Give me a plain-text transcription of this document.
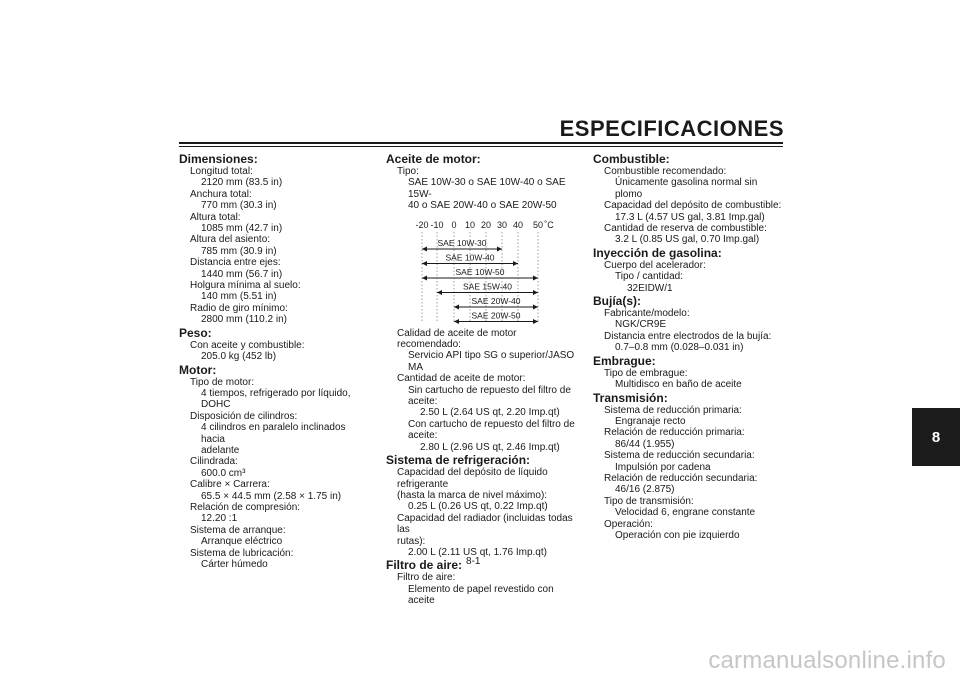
ESPECIFICACIONES
8
Dimensiones:
Longitud total:
2120 mm (83.5 in)
Anchura total:
770 mm (30.3 in)
Altura total:
1085 mm (42.7 in)
Altura del asiento:
785 mm (30.9 in)
Distancia entre ejes:
1440 mm (56.7 in)
Holgura mínima al suelo:
140 mm (5.51 in)
Radio de giro mínimo:
2800 mm (110.2 in)
Peso:
Con aceite y combustible:
205.0 kg (452 lb)
Motor:
Tipo de motor:
4 tiempos, refrigerado por líquido, DOHC
Disposición de cilindros:
4 cilindros en paralelo inclinados hacia
adelante
Cilindrada:
600.0 cm³
Calibre × Carrera:
65.5 × 44.5 mm (2.58 × 1.75 in)
Relación de compresión:
12.20 :1
Sistema de arranque:
Arranque eléctrico
Sistema de lubricación:
Cárter húmedo
Aceite de motor:
Tipo:
SAE 10W-30 o SAE 10W-40 o SAE 15W-
40 o SAE 20W-40 o SAE 20W-50
-20 -10 0 10 20 30 40 50 ˚C
SAE 10W-30
SAE 10W-40
SAE 10W-50
SAE 15W-40
SAE 20W-40
SAE 20W-50
Calidad de aceite de motor recomendado:
Servicio API tipo SG o superior/JASO MA
Cantidad de aceite de motor:
Sin cartucho de repuesto del filtro de
aceite:
2.50 L (2.64 US qt, 2.20 Imp.qt)
Con cartucho de repuesto del filtro de
aceite:
2.80 L (2.96 US qt, 2.46 Imp.qt)
Sistema de refrigeración:
Capacidad del depósito de líquido refrigerante
(hasta la marca de nivel máximo):
0.25 L (0.26 US qt, 0.22 Imp.qt)
Capacidad del radiador (incluidas todas las
rutas):
2.00 L (2.11 US qt, 1.76 Imp.qt)
Filtro de aire:
Filtro de aire:
Elemento de papel revestido con aceite
Combustible:
Combustible recomendado:
Únicamente gasolina normal sin plomo
Capacidad del depósito de combustible:
17.3 L (4.57 US gal, 3.81 Imp.gal)
Cantidad de reserva de combustible:
3.2 L (0.85 US gal, 0.70 Imp.gal)
Inyección de gasolina:
Cuerpo del acelerador:
Tipo / cantidad:
32EIDW/1
Bujía(s):
Fabricante/modelo:
NGK/CR9E
Distancia entre electrodos de la bujía:
0.7–0.8 mm (0.028–0.031 in)
Embrague:
Tipo de embrague:
Multidisco en baño de aceite
Transmisión:
Sistema de reducción primaria:
Engranaje recto
Relación de reducción primaria:
86/44 (1.955)
Sistema de reducción secundaria:
Impulsión por cadena
Relación de reducción secundaria:
46/16 (2.875)
Tipo de transmisión:
Velocidad 6, engrane constante
Operación:
Operación con pie izquierdo
8-1
carmanualsonline.info
